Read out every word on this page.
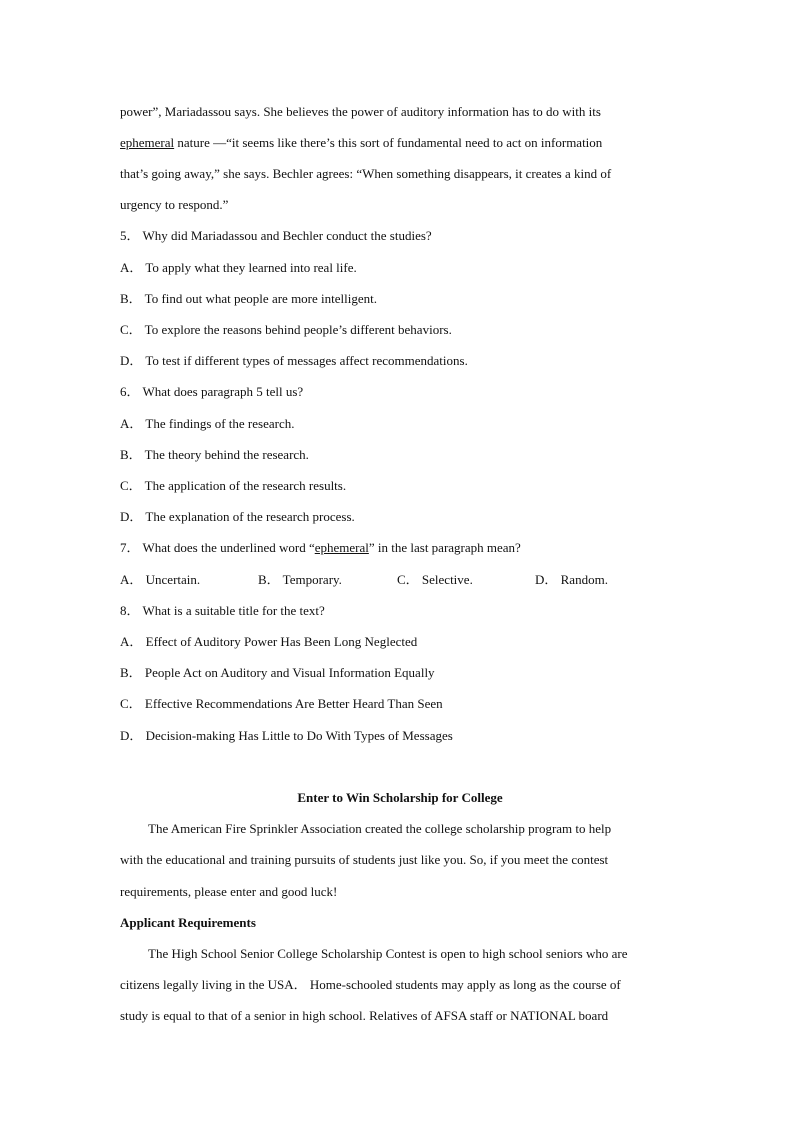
power”, Mariadassou says. She believes the power of auditory information has to do with its
ephemeral nature —“it seems like there’s this sort of fundamental need to act on information
that’s going away,” she says. Bechler agrees: “When something disappears, it creates a kind of
urgency to respond.”
5． Why did Mariadassou and Bechler conduct the studies?
A． To apply what they learned into real life.
B． To find out what people are more intelligent.
C． To explore the reasons behind people’s different behaviors.
D． To test if different types of messages affect recommendations.
6． What does paragraph 5 tell us?
A． The findings of the research.
B． The theory behind the research.
C． The application of the research results.
D． The explanation of the research process.
7． What does the underlined word “ephemeral” in the last paragraph mean?
A． Uncertain.	B． Temporary.	C． Selective.	D． Random.
8． What is a suitable title for the text?
A． Effect of Auditory Power Has Been Long Neglected
B． People Act on Auditory and Visual Information Equally
C． Effective Recommendations Are Better Heard Than Seen
D． Decision-making Has Little to Do With Types of Messages
Enter to Win Scholarship for College
The American Fire Sprinkler Association created the college scholarship program to help
with the educational and training pursuits of students just like you. So, if you meet the contest
requirements, please enter and good luck!
Applicant Requirements
The High School Senior College Scholarship Contest is open to high school seniors who are
citizens legally living in the USA． Home-schooled students may apply as long as the course of
study is equal to that of a senior in high school. Relatives of AFSA staff or NATIONAL board
